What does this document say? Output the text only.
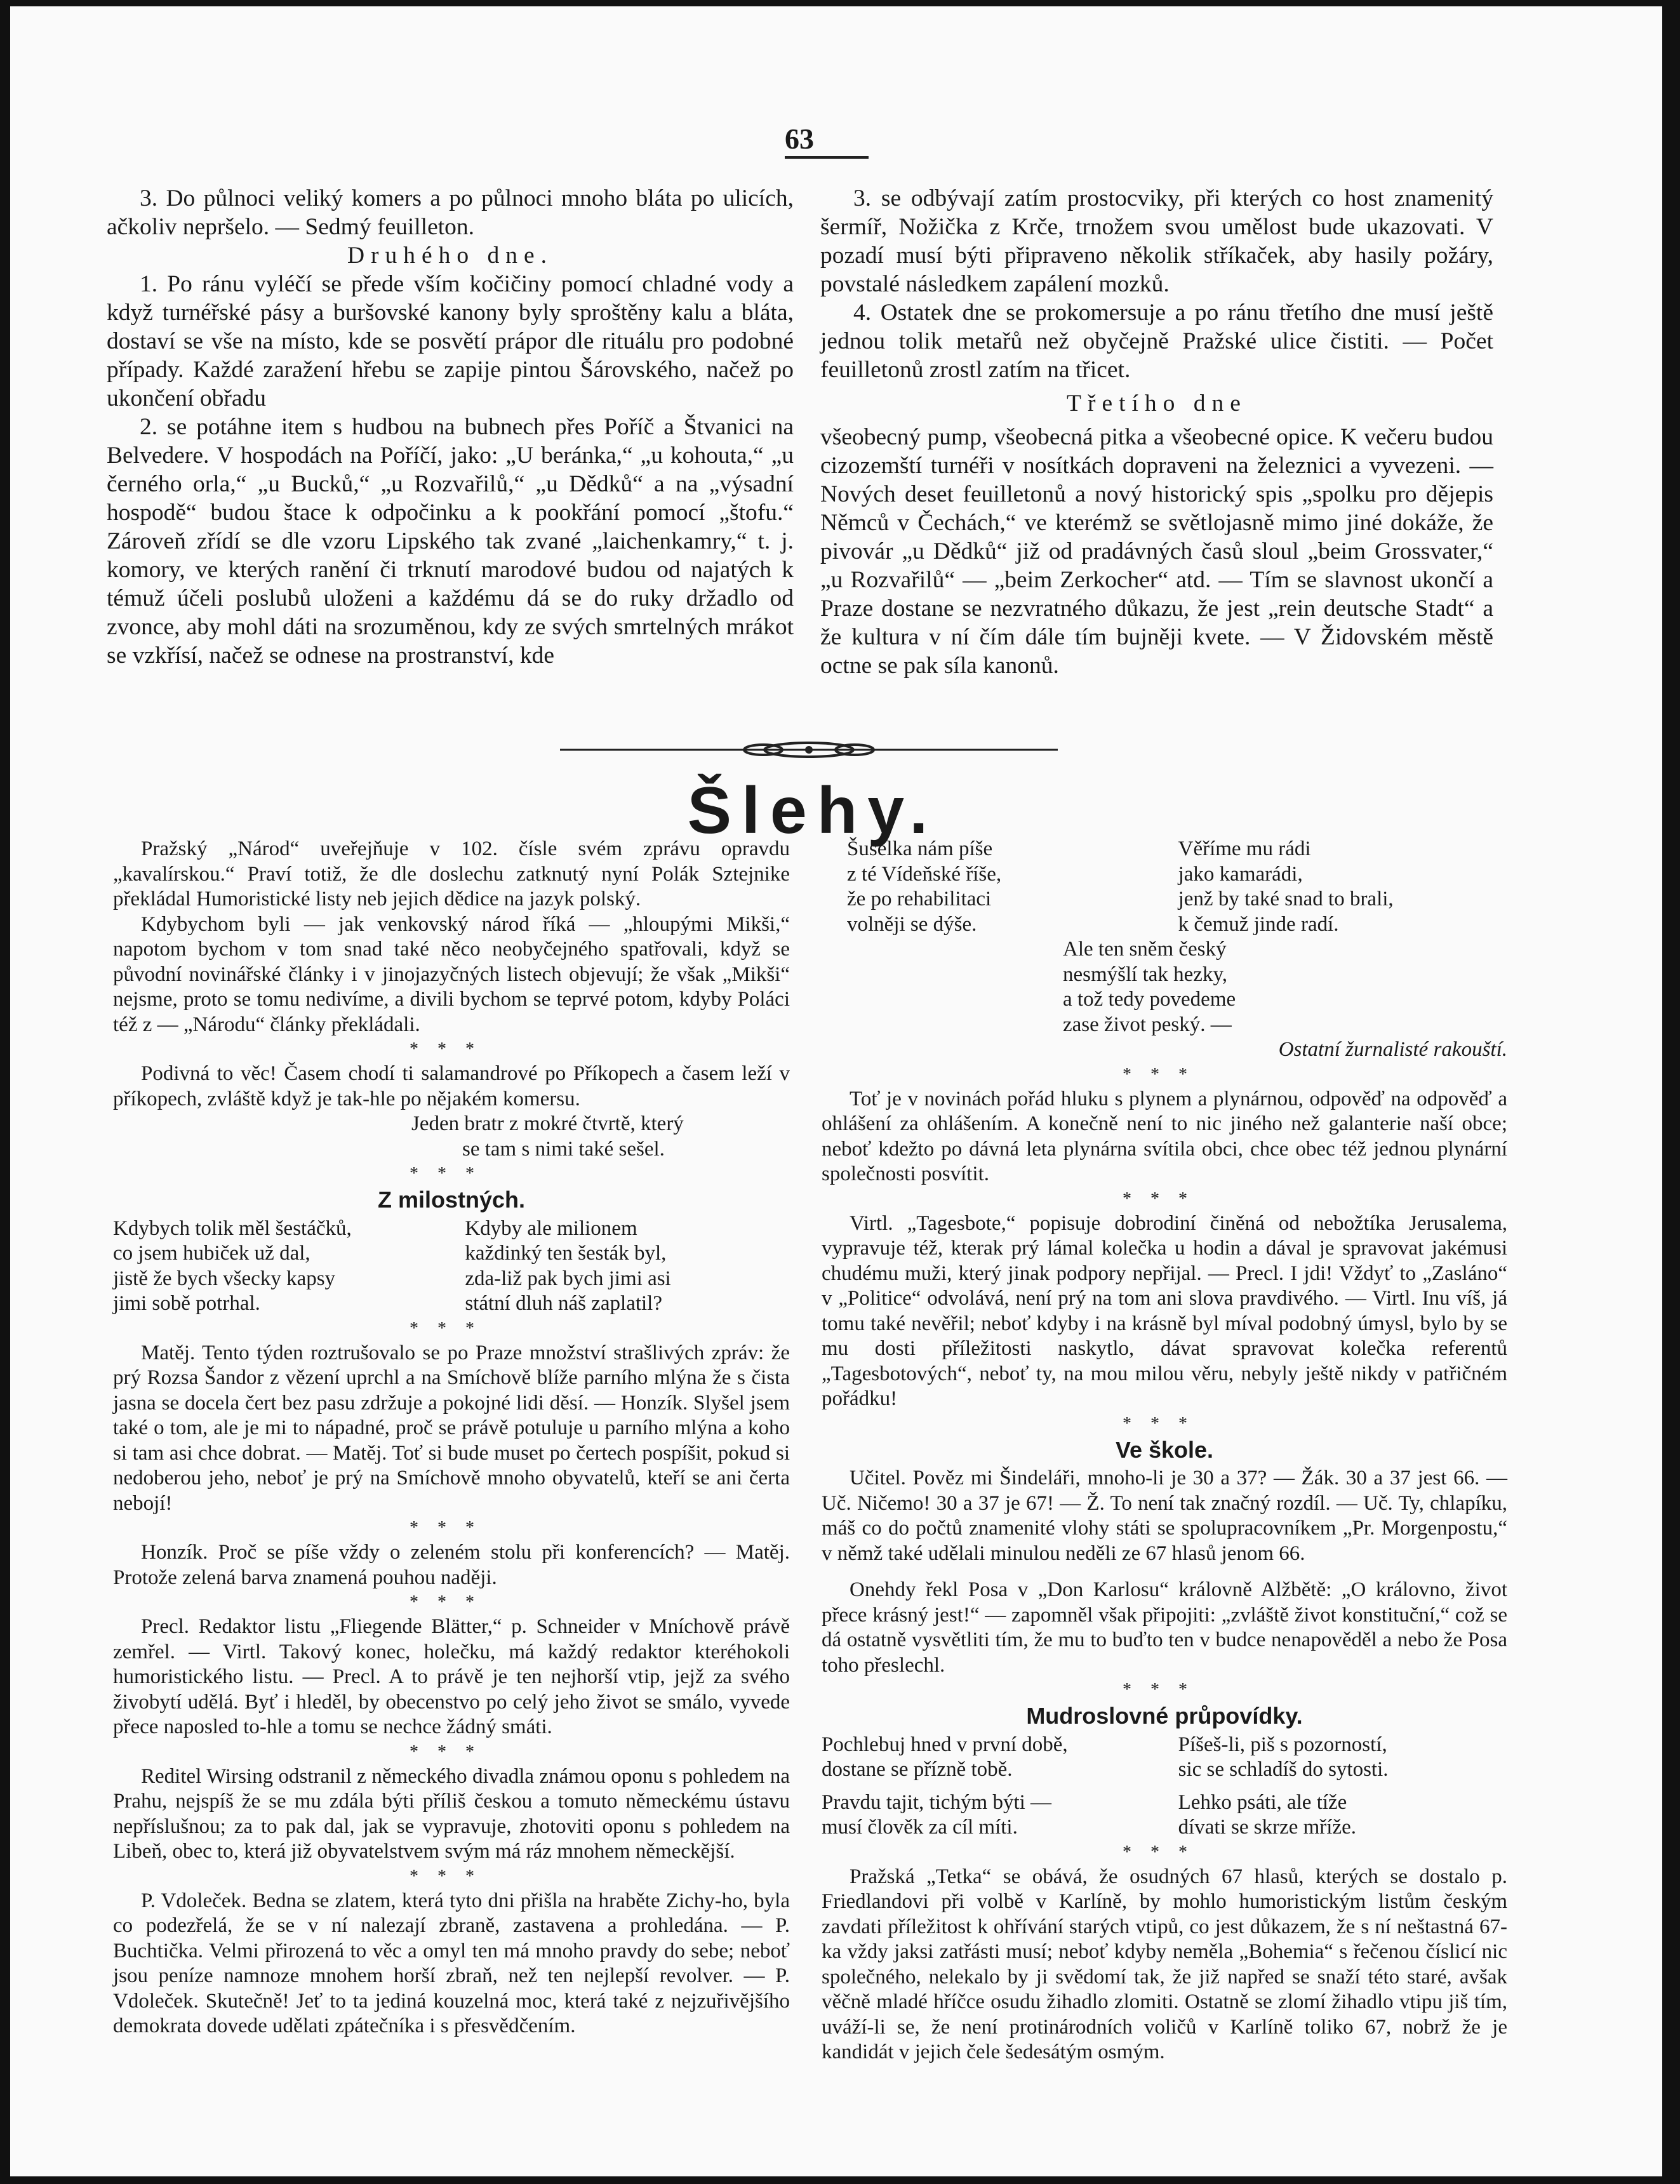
63

3. Do půlnoci veliký komers a po půlnoci mnoho bláta po ulicích, ačkoliv nepršelo. — Sedmý feuilleton.

Druhého dne.

1. Po ránu vyléčí se přede vším kočičiny pomocí chladné vody a když turnéřské pásy a buršovské kanony byly sproštěny kalu a bláta, dostaví se vše na místo, kde se posvětí prápor dle rituálu pro podobné případy. Každé zaražení hřebu se zapije pintou Šárovského, načež po ukončení obřadu

2. se potáhne item s hudbou na bubnech přes Poříč a Štvanici na Belvedere. V hospodách na Poříčí, jako: „U beránka,“ „u kohouta,“ „u černého orla,“ „u Bucků,“ „u Rozvařilů,“ „u Dědků“ a na „výsadní hospodě“ budou štace k odpočinku a k pookřání pomocí „štofu.“ Zároveň zřídí se dle vzoru Lipského tak zvané „laichenkamry,“ t. j. komory, ve kterých ranění či trknutí marodové budou od najatých k témuž účeli poslubů uloženi a každému dá se do ruky držadlo od zvonce, aby mohl dáti na srozuměnou, kdy ze svých smrtelných mrákot se vzkřísí, načež se odnese na prostranství, kde

3. se odbývají zatím prostocviky, při kterých co host znamenitý šermíř, Nožička z Krče, trnožem svou umělost bude ukazovati. V pozadí musí býti připraveno několik stříkaček, aby hasily požáry, povstalé následkem zapálení mozků.

4. Ostatek dne se prokomersuje a po ránu třetího dne musí ještě jednou tolik metařů než obyčejně Pražské ulice čistiti. — Počet feuilletonů zrostl zatím na třicet.

Třetího dne

všeobecný pump, všeobecná pitka a všeobecné opice. K večeru budou cizozemští turnéři v nosítkách dopraveni na železnici a vyvezeni. — Nových deset feuilletonů a nový historický spis „spolku pro dějepis Němců v Čechách,“ ve kterémž se světlojasně mimo jiné dokáže, že pivovár „u Dědků“ již od pradávných časů sloul „beim Grossvater,“ „u Rozvařilů“ — „beim Zerkocher“ atd. — Tím se slavnost ukončí a Praze dostane se nezvratného důkazu, že jest „rein deutsche Stadt“ a že kultura v ní čím dále tím bujněji kvete. — V Židovském městě octne se pak síla kanonů.

Šlehy.

Pražský „Národ“ uveřejňuje v 102. čísle svém zprávu opravdu „kavalírskou.“ Praví totiž, že dle doslechu zatknutý nyní Polák Sztejnike překládal Humoristické listy neb jejich dědice na jazyk polský.

Kdybychom byli — jak venkovský národ říká — „hloupými Mikši,“ napotom bychom v tom snad také něco neobyčejného spatřovali, když se původní novinářské články i v jinojazyčných listech objevují; že však „Mikši“ nejsme, proto se tomu nedivíme, a divili bychom se teprvé potom, kdyby Poláci též z — „Národu“ články překládali.

***

Podivná to věc! Časem chodí ti salamandrové po Příkopech a časem leží v příkopech, zvláště když je tak-hle po nějakém komersu.

Jeden bratr z mokré čtvrtě, který
se tam s nimi také sešel.

***

Z milostných.

Kdybych tolik měl šestáčků,
co jsem hubiček už dal,
jistě že bych všecky kapsy
jimi sobě potrhal.
Kdyby ale milionem
každinký ten šesták byl,
zda-liž pak bych jimi asi
státní dluh náš zaplatil?

***

Matěj. Tento týden roztrušovalo se po Praze množství strašlivých zpráv: že prý Rozsa Šandor z vězení uprchl a na Smíchově blíže parního mlýna že s čista jasna se docela čert bez pasu zdržuje a pokojné lidi děsí. — Honzík. Slyšel jsem také o tom, ale je mi to nápadné, proč se právě potuluje u parního mlýna a koho si tam asi chce dobrat. — Matěj. Toť si bude muset po čertech pospíšit, pokud si nedoberou jeho, neboť je prý na Smíchově mnoho obyvatelů, kteří se ani čerta nebojí!

***

Honzík. Proč se píše vždy o zeleném stolu při konferencích? — Matěj. Protože zelená barva znamená pouhou naději.

***

Precl. Redaktor listu „Fliegende Blätter,“ p. Schneider v Mníchově právě zemřel. — Virtl. Takový konec, holečku, má každý redaktor kteréhokoli humoristického listu. — Precl. A to právě je ten nejhorší vtip, jejž za svého živobytí udělá. Byť i hleděl, by obecenstvo po celý jeho život se smálo, vyvede přece naposled to-hle a tomu se nechce žádný smáti.

***

Reditel Wirsing odstranil z německého divadla známou oponu s pohledem na Prahu, nejspíš že se mu zdála býti příliš českou a tomuto německému ústavu nepříslušnou; za to pak dal, jak se vypravuje, zhotoviti oponu s pohledem na Libeň, obec to, která již obyvatelstvem svým má ráz mnohem německější.

***

P. Vdoleček. Bedna se zlatem, která tyto dni přišla na hraběte Zichy-ho, byla co podezřelá, že se v ní nalezají zbraně, zastavena a prohledána. — P. Buchtička. Velmi přirozená to věc a omyl ten má mnoho pravdy do sebe; neboť jsou peníze namnoze mnohem horší zbraň, než ten nejlepší revolver. — P. Vdoleček. Skutečně! Jeť to ta jediná kouzelná moc, která také z nejzuřivějšího demokrata dovede udělati zpátečníka i s přesvědčením.

Šuselka nám píše
z té Vídeňské říše,
že po rehabilitaci
volněji se dýše.
Věříme mu rádi
jako kamarádi,
jenž by také snad to brali,
k čemuž jinde radí.
Ale ten sněm český
nesmýšlí tak hezky,
a tož tedy povedeme
zase život peský. —

Ostatní žurnalisté rakouští.

***

Toť je v novinách pořád hluku s plynem a plynárnou, odpověď na odpověď a ohlášení za ohlášením. A konečně není to nic jiného než galanterie naší obce; neboť kdežto po dávná leta plynárna svítila obci, chce obec též jednou plynární společnosti posvítit.

***

Virtl. „Tagesbote,“ popisuje dobrodiní činěná od nebožtíka Jerusalema, vypravuje též, kterak prý lámal kolečka u hodin a dával je spravovat jakémusi chudému muži, který jinak podpory nepřijal. — Precl. I jdi! Vždyť to „Zasláno“ v „Politice“ odvolává, není prý na tom ani slova pravdivého. — Virtl. Inu víš, já tomu také nevěřil; neboť kdyby i na krásně byl míval podobný úmysl, bylo by se mu dosti příležitosti naskytlo, dávat spravovat kolečka referentů „Tagesbotových“, neboť ty, na mou milou věru, nebyly ještě nikdy v patřičném pořádku!

***

Ve škole.

Učitel. Pověz mi Šindeláři, mnoho-li je 30 a 37? — Žák. 30 a 37 jest 66. — Uč. Ničemo! 30 a 37 je 67! — Ž. To není tak značný rozdíl. — Uč. Ty, chlapíku, máš co do počtů znamenité vlohy státi se spolupracovníkem „Pr. Morgenpostu,“ v němž také udělali minulou neděli ze 67 hlasů jenom 66.

Onehdy řekl Posa v „Don Karlosu“ královně Alžbětě: „O královno, život přece krásný jest!“ — zapomněl však připojiti: „zvláště život konstituční,“ což se dá ostatně vysvětliti tím, že mu to buďto ten v budce nenapověděl a nebo že Posa toho přeslechl.

***

Mudroslovné průpovídky.

Pochlebuj hned v první době,
dostane se přízně tobě.
Pravdu tajit, tichým býti —
musí člověk za cíl míti.
Píšeš-li, piš s pozorností,
sic se schladíš do sytosti.
Lehko psáti, ale tíže
dívati se skrze mříže.

***

Pražská „Tetka“ se obává, že osudných 67 hlasů, kterých se dostalo p. Friedlandovi při volbě v Karlíně, by mohlo humoristickým listům českým zavdati příležitost k ohřívání starých vtipů, co jest důkazem, že s ní neštastná 67-ka vždy jaksi zatřásti musí; neboť kdyby neměla „Bohemia“ s řečenou číslicí nic společného, nelekalo by ji svědomí tak, že již napřed se snaží této staré, avšak věčně mladé hříčce osudu žihadlo zlomiti. Ostatně se zlomí žihadlo vtipu jiš tím, uváží-li se, že není protinárodních voličů v Karlíně toliko 67, nobrž že je kandidát v jejich čele šedesátým osmým.
